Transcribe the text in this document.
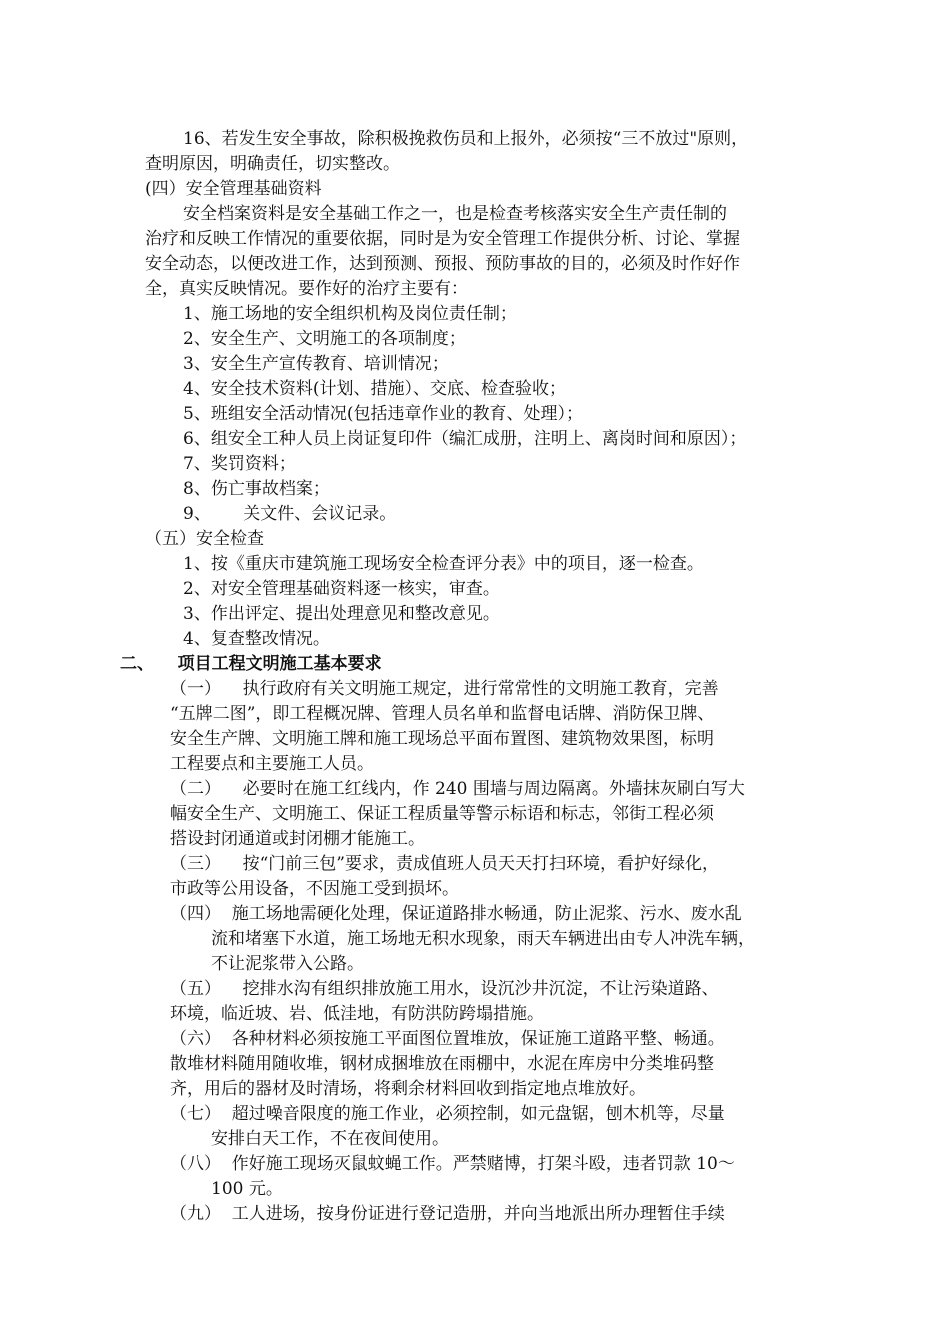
16、若发生安全事故，除积极挽救伤员和上报外，必须按“三不放过"原则，
查明原因，明确责任，切实整改。
(四）安全管理基础资料
安全档案资料是安全基础工作之一，也是检查考核落实安全生产责任制的
治疗和反映工作情况的重要依据，同时是为安全管理工作提供分析、讨论、掌握
安全动态，以便改进工作，达到预测、预报、预防事故的目的，必须及时作好作
全，真实反映情况。要作好的治疗主要有：
1、施工场地的安全组织机构及岗位责任制；
2、安全生产、文明施工的各项制度；
3、安全生产宣传教育、培训情况；
4、安全技术资料(计划、措施）、交底、检查验收；
5、班组安全活动情况(包括违章作业的教育、处理）；
6、组安全工种人员上岗证复印件（编汇成册，注明上、离岗时间和原因）；
7、奖罚资料；
8、伤亡事故档案；
9、      关文件、会议记录。
（五）安全检查
1、按《重庆市建筑施工现场安全检查评分表》中的项目，逐一检查。
2、对安全管理基础资料逐一核实，审查。
3、作出评定、提出处理意见和整改意见。
4、复查整改情况。
二、    项目工程文明施工基本要求
（一）    执行政府有关文明施工规定，进行常常性的文明施工教育，完善
“五牌二图”，即工程概况牌、管理人员名单和监督电话牌、消防保卫牌、
安全生产牌、文明施工牌和施工现场总平面布置图、建筑物效果图，标明
工程要点和主要施工人员。
（二）    必要时在施工红线内，作 240 围墙与周边隔离。外墙抹灰刷白写大
幅安全生产、文明施工、保证工程质量等警示标语和标志，邻街工程必须
搭设封闭通道或封闭棚才能施工。
（三）    按“门前三包”要求，责成值班人员天天打扫环境，看护好绿化，
市政等公用设备，不因施工受到损坏。
（四）  施工场地需硬化处理，保证道路排水畅通，防止泥浆、污水、废水乱
流和堵塞下水道，施工场地无积水现象，雨天车辆进出由专人冲洗车辆，
不让泥浆带入公路。
（五）    挖排水沟有组织排放施工用水，设沉沙井沉淀，不让污染道路、
环境，临近坡、岩、低洼地，有防洪防跨塌措施。
（六）  各种材料必须按施工平面图位置堆放，保证施工道路平整、畅通。
散堆材料随用随收堆，钢材成捆堆放在雨棚中，水泥在库房中分类堆码整
齐，用后的器材及时清场，将剩余材料回收到指定地点堆放好。
（七）  超过噪音限度的施工作业，必须控制，如元盘锯，刨木机等，尽量
安排白天工作，不在夜间使用。
（八）  作好施工现场灭鼠蚊蝇工作。严禁赌博，打架斗殴，违者罚款 10～
100 元。
（九）  工人进场，按身份证进行登记造册，并向当地派出所办理暂住手续
